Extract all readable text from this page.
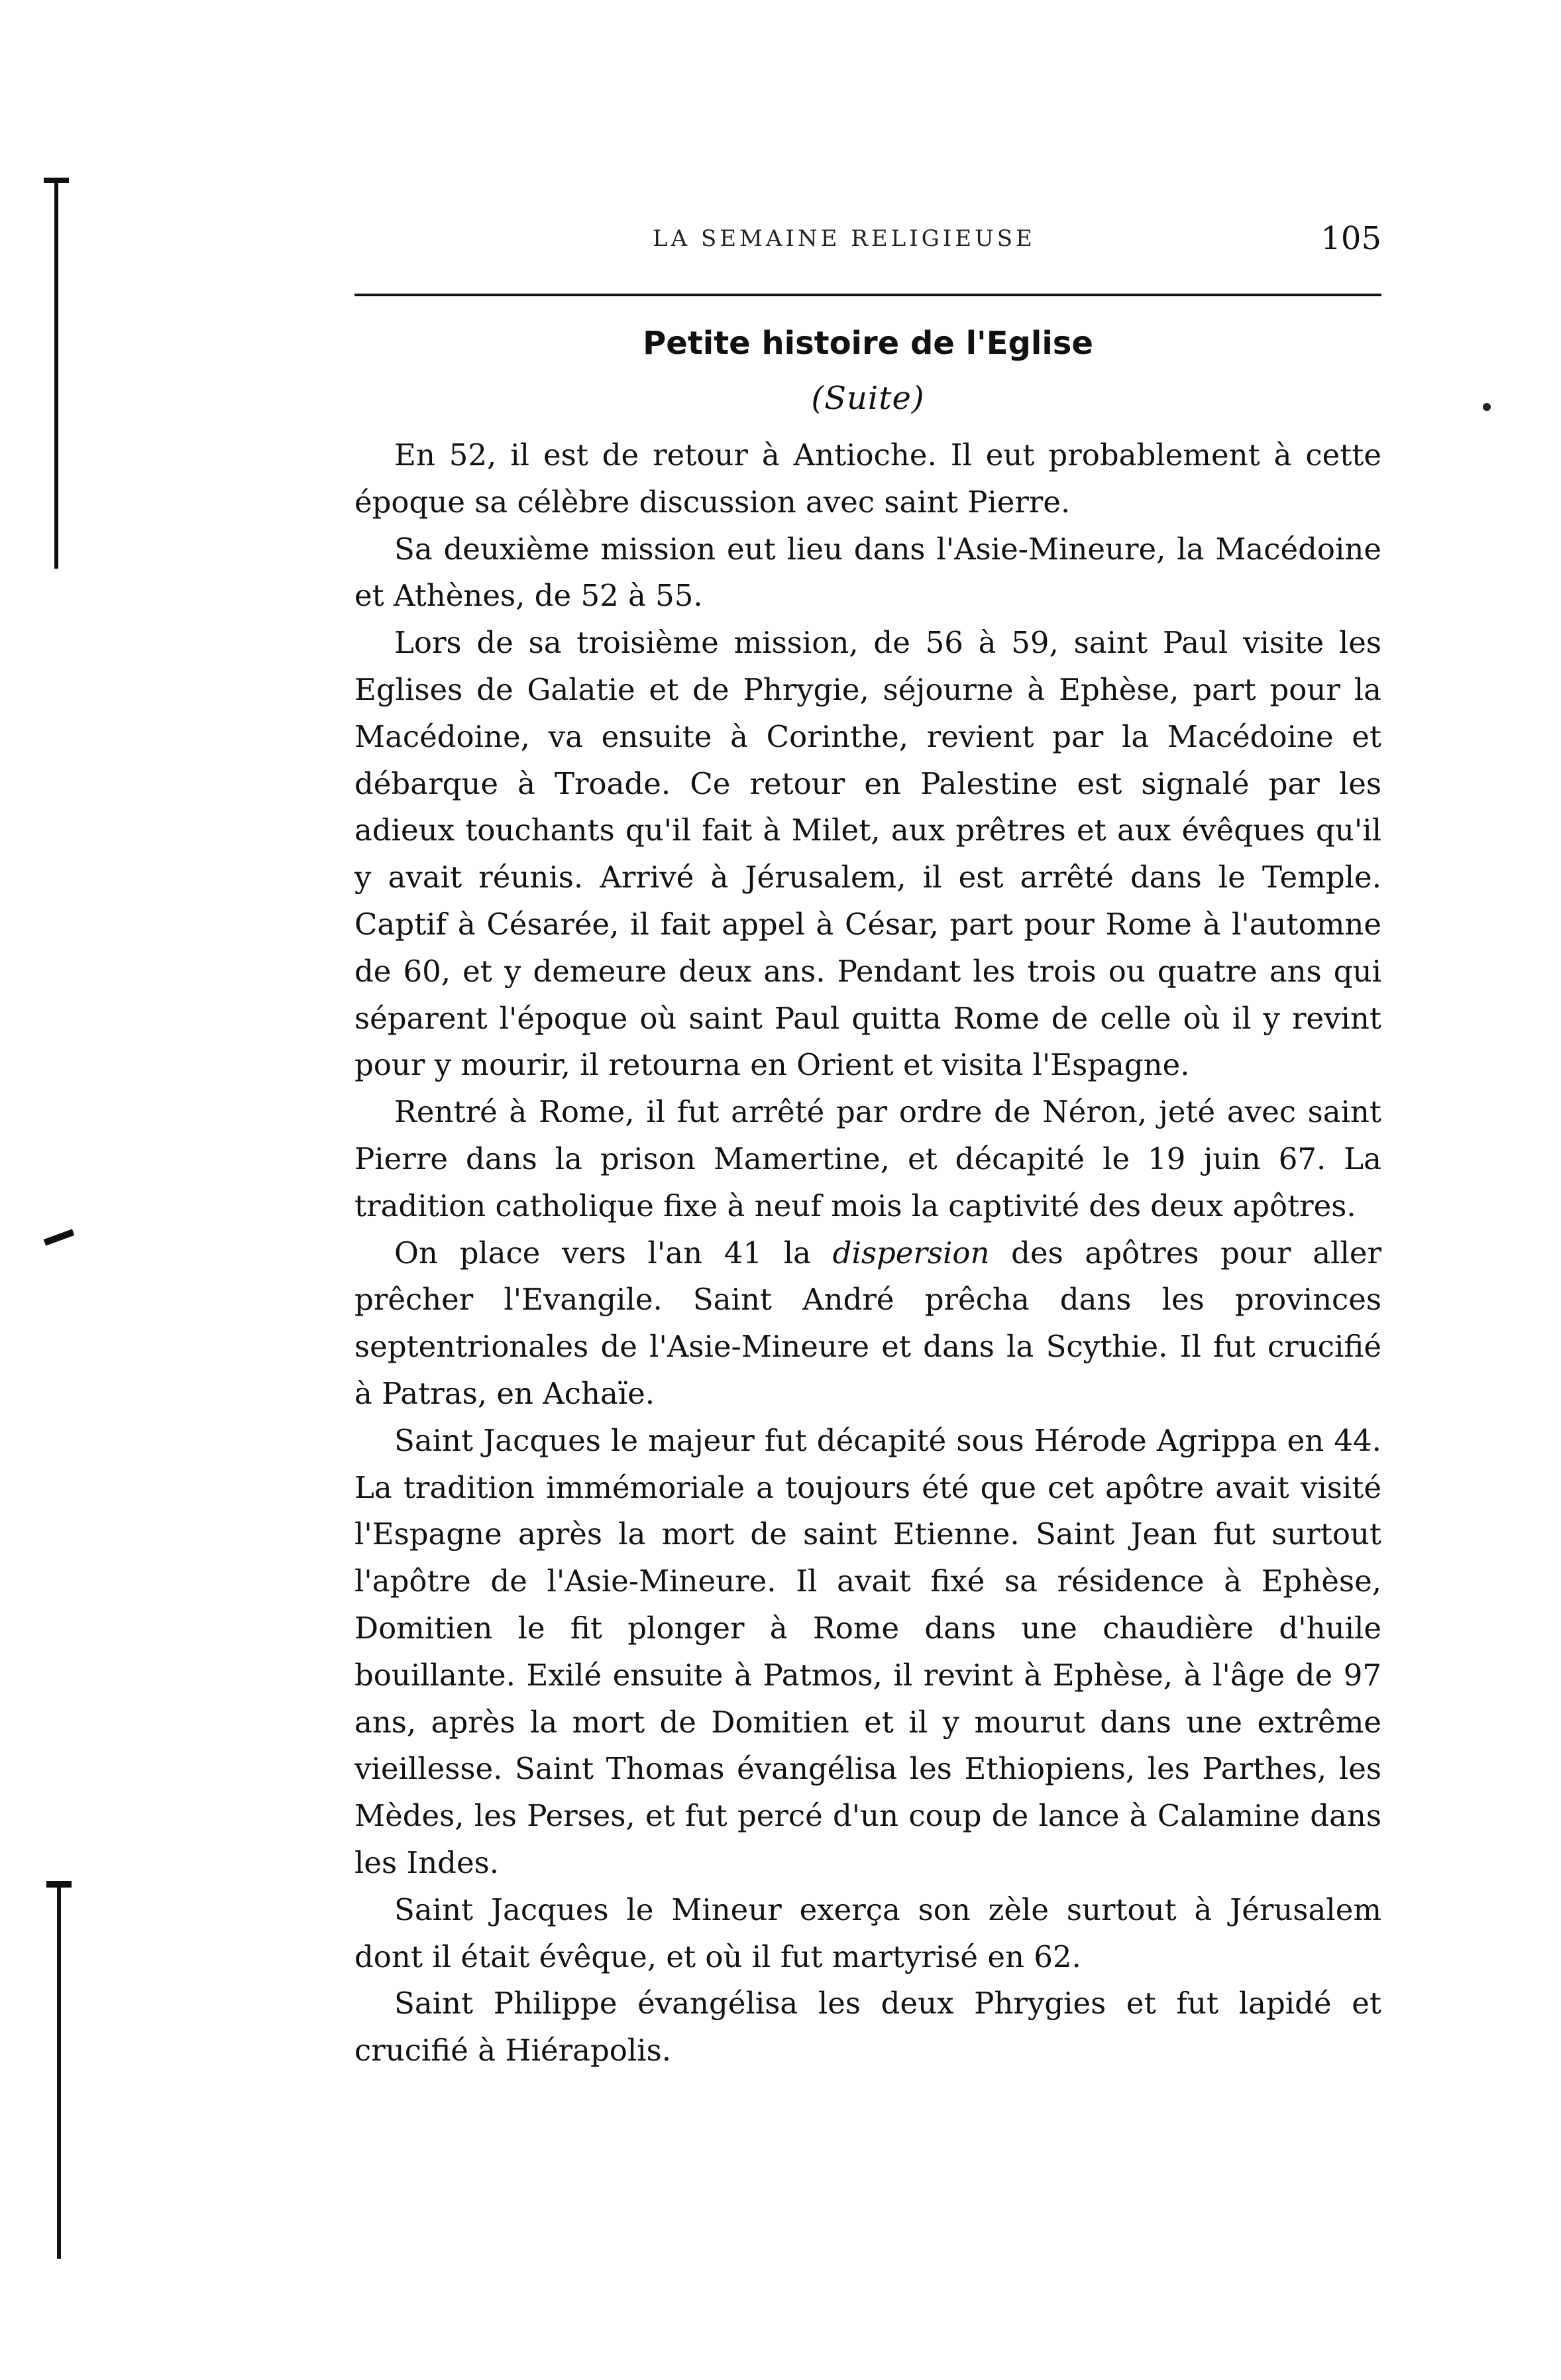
LA SEMAINE RELIGIEUSE	105
Petite histoire de l'Eglise
(Suite)

En 52, il est de retour à Antioche. Il eut probablement à cette époque sa célèbre discussion avec saint Pierre.

Sa deuxième mission eut lieu dans l'Asie-Mineure, la Macédoine et Athènes, de 52 à 55.

Lors de sa troisième mission, de 56 à 59, saint Paul visite les Eglises de Galatie et de Phrygie, séjourne à Ephèse, part pour la Macédoine, va ensuite à Corinthe, revient par la Macédoine et débarque à Troade. Ce retour en Palestine est signalé par les adieux touchants qu'il fait à Milet, aux prêtres et aux évêques qu'il y avait réunis. Arrivé à Jérusalem, il est arrêté dans le Temple. Captif à Césarée, il fait appel à César, part pour Rome à l'automne de 60, et y demeure deux ans. Pendant les trois ou quatre ans qui séparent l'époque où saint Paul quitta Rome de celle où il y revint pour y mourir, il retourna en Orient et visita l'Espagne.

Rentré à Rome, il fut arrêté par ordre de Néron, jeté avec saint Pierre dans la prison Mamertine, et décapité le 19 juin 67. La tradition catholique fixe à neuf mois la captivité des deux apôtres.

On place vers l'an 41 la dispersion des apôtres pour aller prêcher l'Evangile. Saint André prêcha dans les provinces septentrionales de l'Asie-Mineure et dans la Scythie. Il fut crucifié à Patras, en Achaïe.

Saint Jacques le majeur fut décapité sous Hérode Agrippa en 44. La tradition immémoriale a toujours été que cet apôtre avait visité l'Espagne après la mort de saint Etienne. Saint Jean fut surtout l'apôtre de l'Asie-Mineure. Il avait fixé sa résidence à Ephèse, Domitien le fit plonger à Rome dans une chaudière d'huile bouillante. Exilé ensuite à Patmos, il revint à Ephèse, à l'âge de 97 ans, après la mort de Domitien et il y mourut dans une extrême vieillesse. Saint Thomas évangélisa les Ethiopiens, les Parthes, les Mèdes, les Perses, et fut percé d'un coup de lance à Calamine dans les Indes.

Saint Jacques le Mineur exerça son zèle surtout à Jérusalem dont il était évêque, et où il fut martyrisé en 62.

Saint Philippe évangélisa les deux Phrygies et fut lapidé et crucifié à Hiérapolis.
